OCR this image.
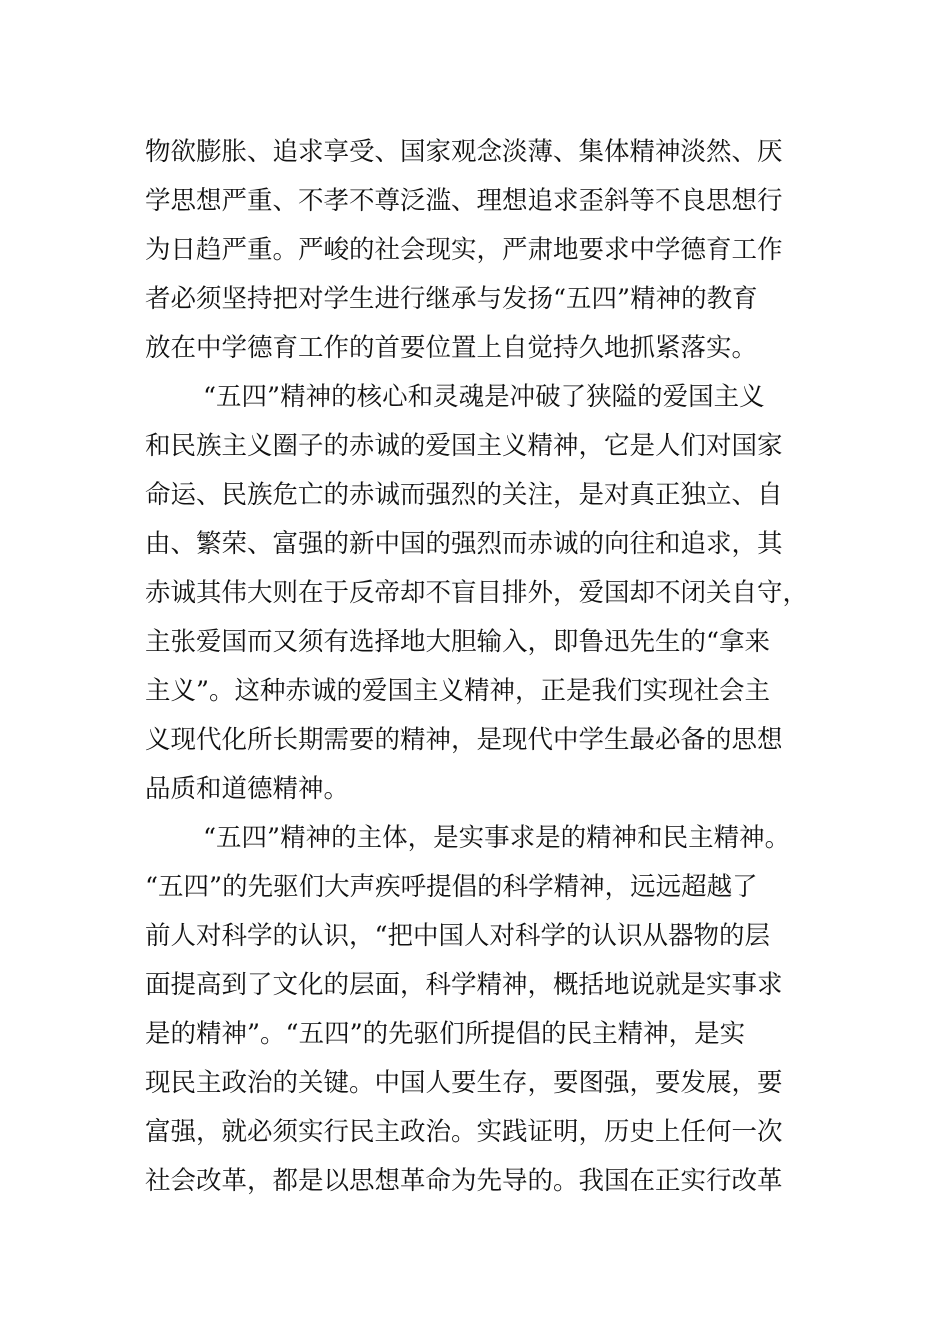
物欲膨胀、追求享受、国家观念淡薄、集体精神淡然、厌
学思想严重、不孝不尊泛滥、理想追求歪斜等不良思想行
为日趋严重。严峻的社会现实，严肃地要求中学德育工作
者必须坚持把对学生进行继承与发扬“五四”精神的教育
放在中学德育工作的首要位置上自觉持久地抓紧落实。
“五四”精神的核心和灵魂是冲破了狭隘的爱国主义
和民族主义圈子的赤诚的爱国主义精神，它是人们对国家
命运、民族危亡的赤诚而强烈的关注，是对真正独立、自
由、繁荣、富强的新中国的强烈而赤诚的向往和追求，其
赤诚其伟大则在于反帝却不盲目排外，爱国却不闭关自守，
主张爱国而又须有选择地大胆输入，即鲁迅先生的“拿来
主义”。这种赤诚的爱国主义精神，正是我们实现社会主
义现代化所长期需要的精神，是现代中学生最必备的思想
品质和道德精神。
“五四”精神的主体，是实事求是的精神和民主精神。
“五四”的先驱们大声疾呼提倡的科学精神，远远超越了
前人对科学的认识，“把中国人对科学的认识从器物的层
面提高到了文化的层面，科学精神，概括地说就是实事求
是的精神”。“五四”的先驱们所提倡的民主精神，是实
现民主政治的关键。中国人要生存，要图强，要发展，要
富强，就必须实行民主政治。实践证明，历史上任何一次
社会改革，都是以思想革命为先导的。我国在正实行改革
